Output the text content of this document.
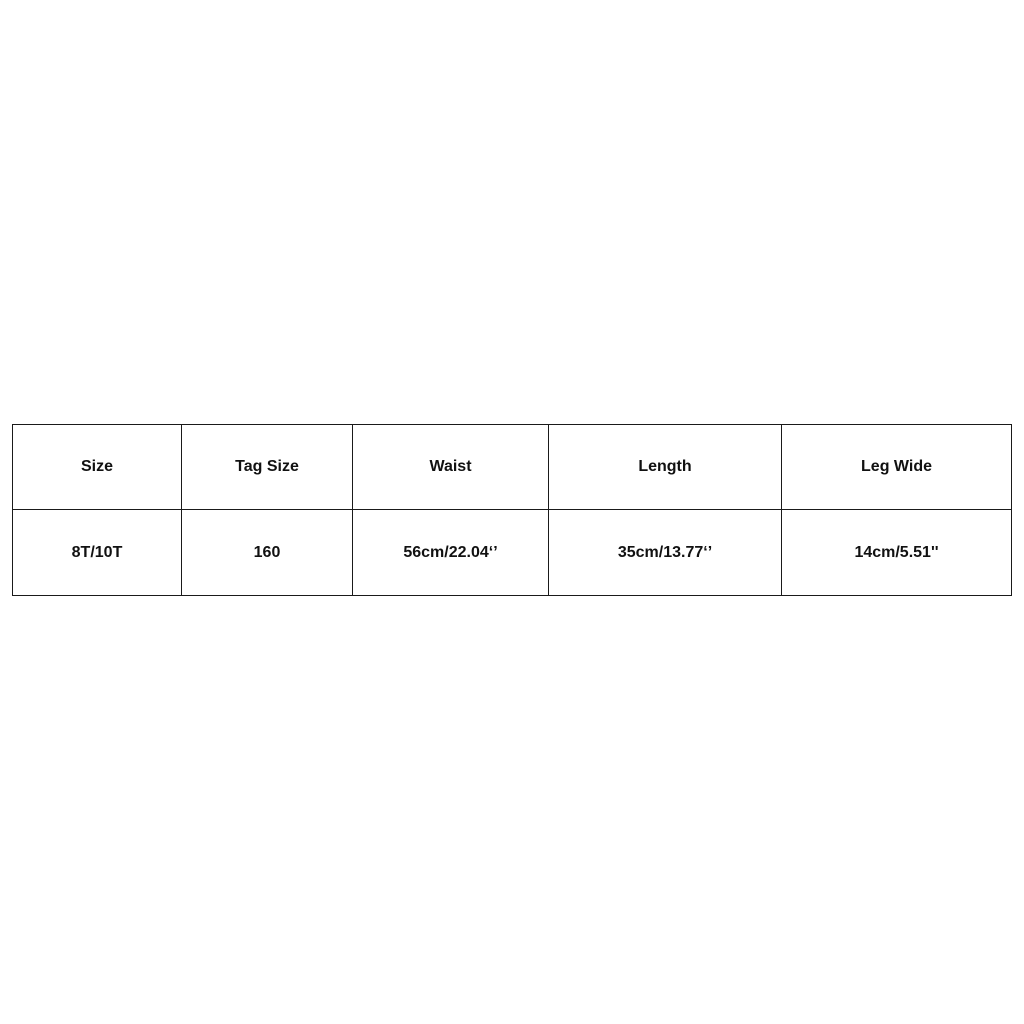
Size	Tag Size	Waist	Length	Leg Wide
8T/10T	160	56cm/22.04‘’	35cm/13.77‘’	14cm/5.51''
